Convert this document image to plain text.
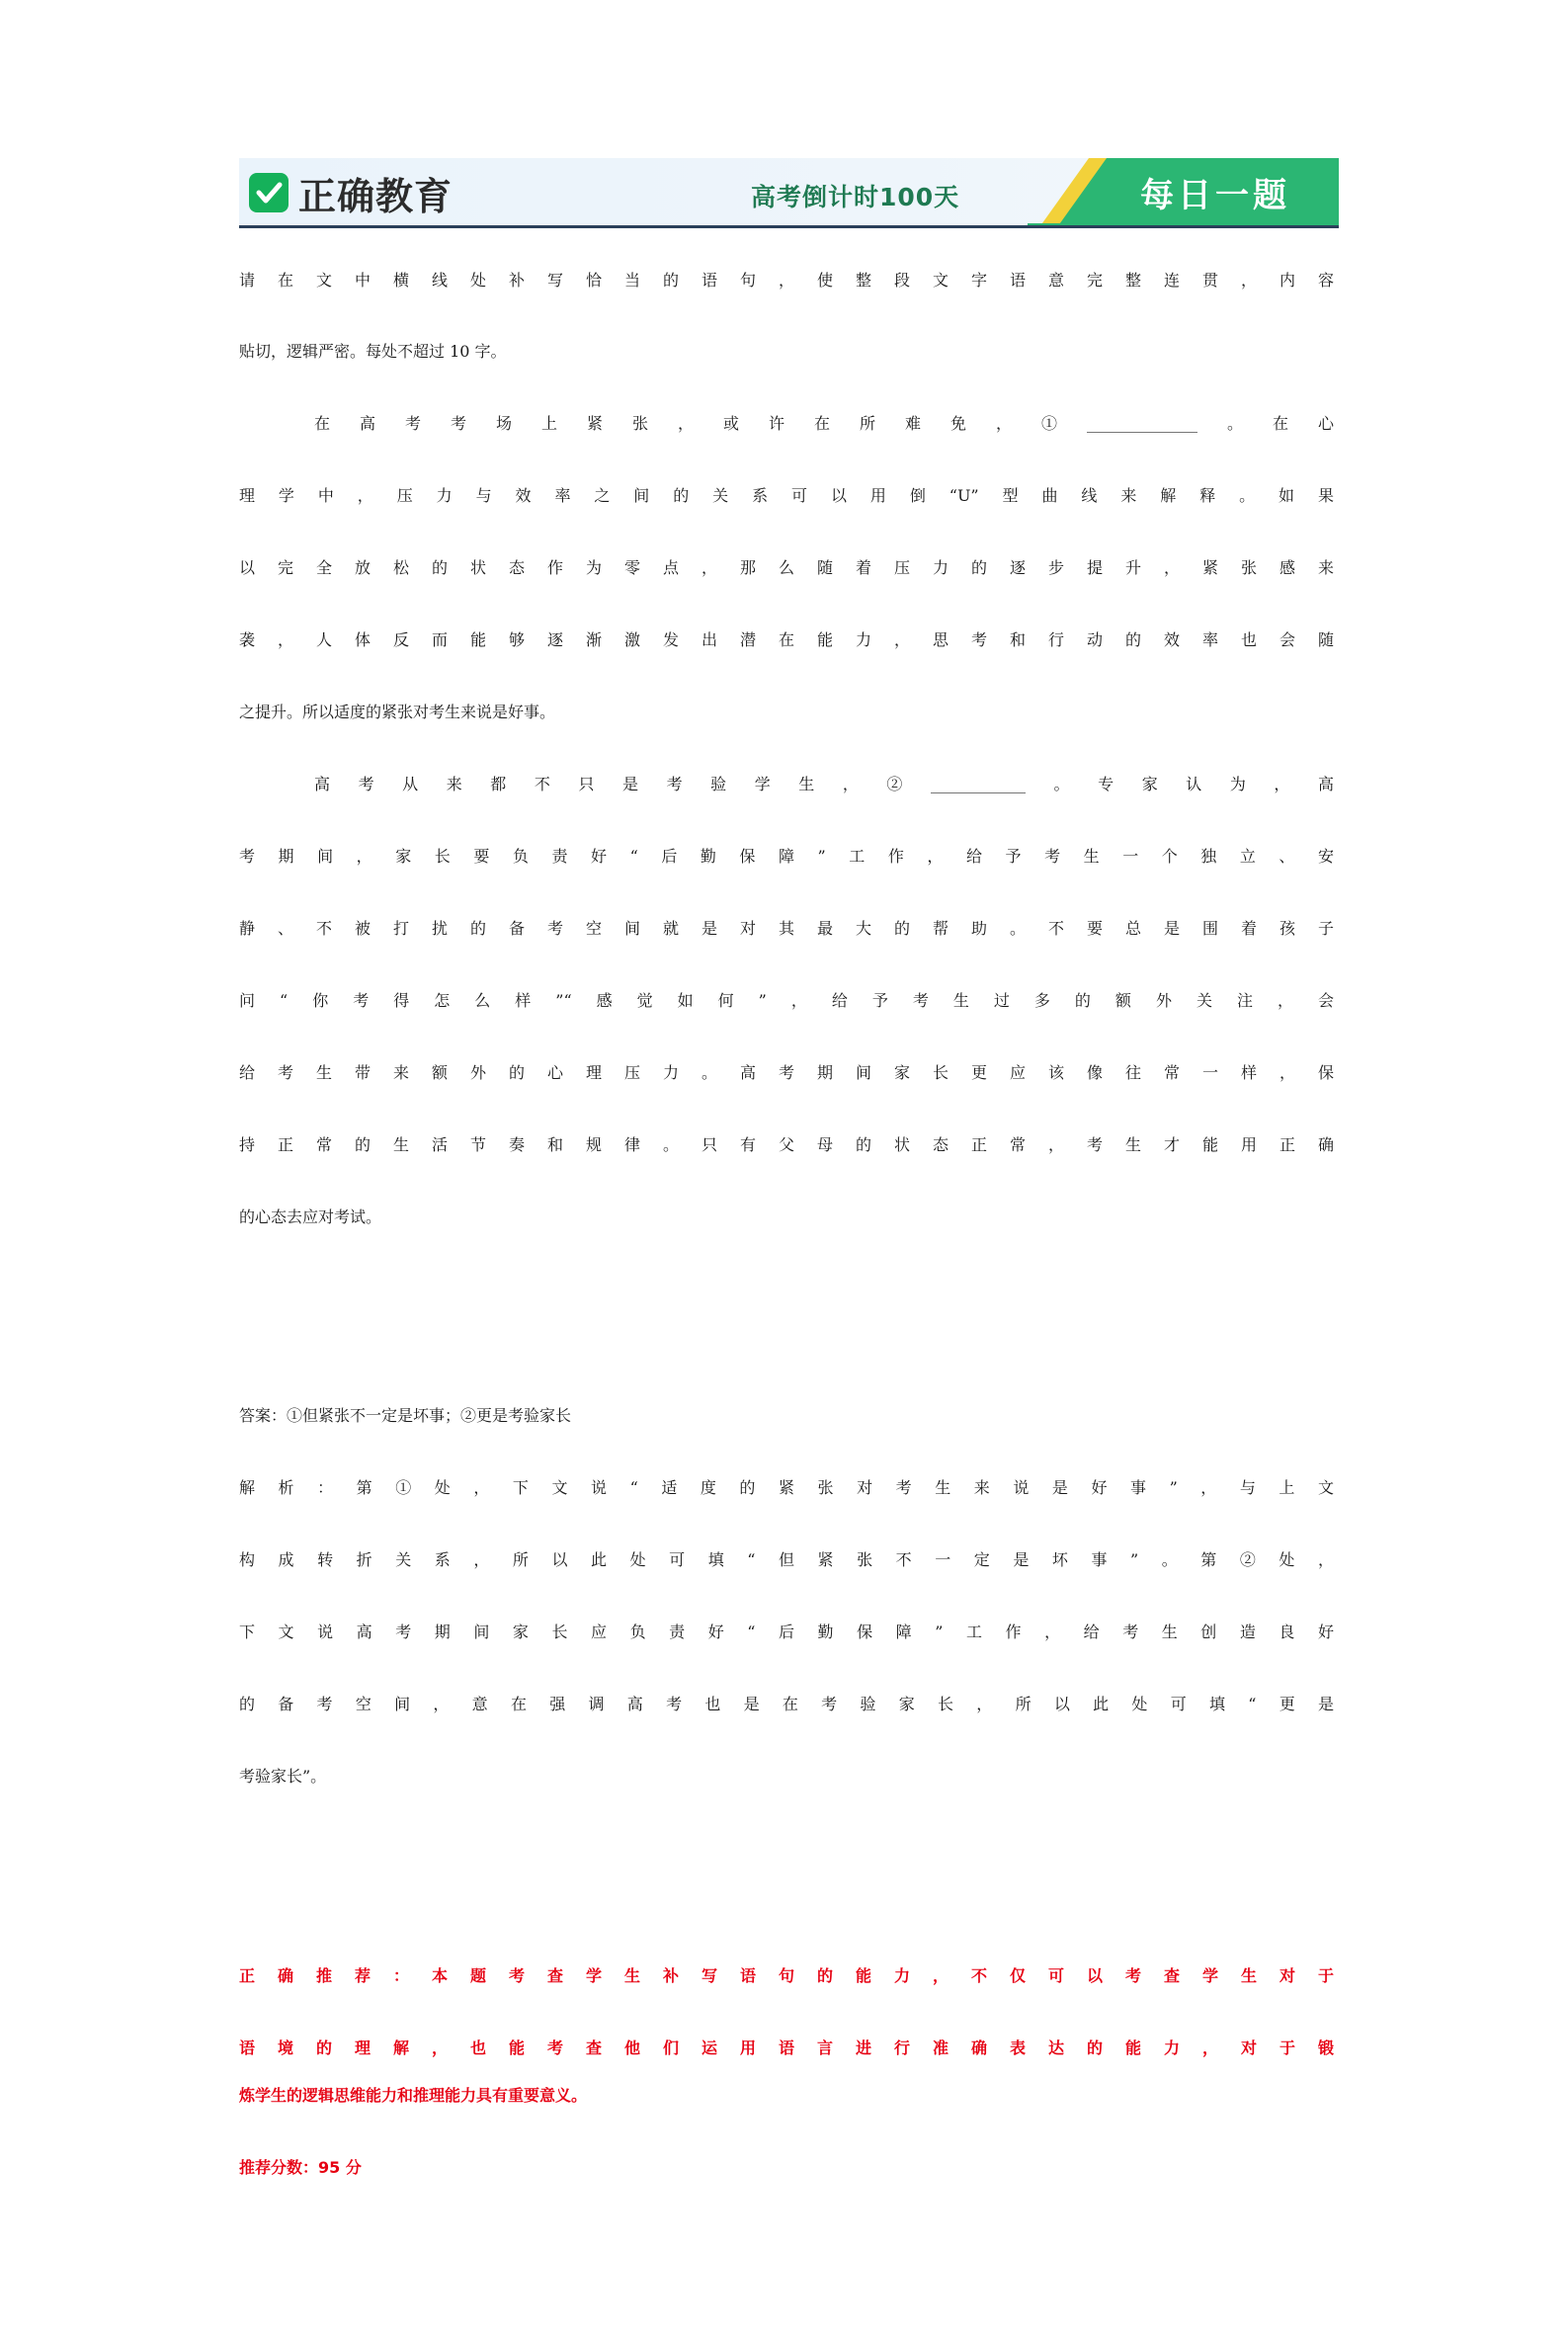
每日一题
正确教育	高考倒计时100天
请在文中横线处补写恰当的语句，使整段文字语意完整连贯，内容
贴切，逻辑严密。每处不超过 10 字。
在高考考场上紧张，或许在所难免，①______________。在心
理学中，压力与效率之间的关系可以用倒“U”型曲线来解释。如果
以完全放松的状态作为零点，那么随着压力的逐步提升，紧张感来
袭，人体反而能够逐渐激发出潜在能力，思考和行动的效率也会随
之提升。所以适度的紧张对考生来说是好事。
高考从来都不只是考验学生，②____________。专家认为，高
考期间，家长要负责好“后勤保障”工作，给予考生一个独立、安
静、不被打扰的备考空间就是对其最大的帮助。不要总是围着孩子
问“你考得怎么样”“感觉如何”，给予考生过多的额外关注，会
给考生带来额外的心理压力。高考期间家长更应该像往常一样，保
持正常的生活节奏和规律。只有父母的状态正常，考生才能用正确
的心态去应对考试。
答案：①但紧张不一定是坏事；②更是考验家长
解析：第①处，下文说“适度的紧张对考生来说是好事”，与上文
构成转折关系，所以此处可填“但紧张不一定是坏事”。第②处，
下文说高考期间家长应负责好“后勤保障”工作，给考生创造良好
的备考空间，意在强调高考也是在考验家长，所以此处可填“更是
考验家长”。
正确推荐：本题考查学生补写语句的能力，不仅可以考查学生对于
语境的理解，也能考查他们运用语言进行准确表达的能力，对于锻
炼学生的逻辑思维能力和推理能力具有重要意义。
推荐分数：95 分
